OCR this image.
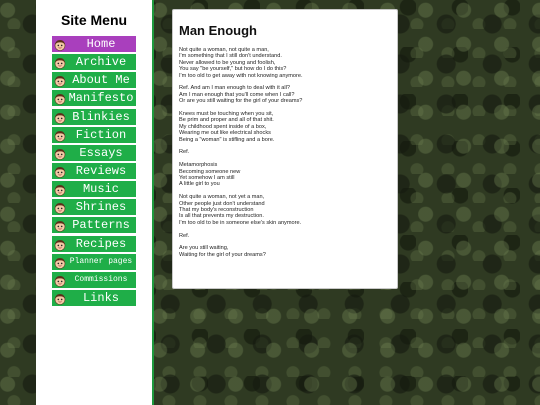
Site Menu
Home
Archive
About Me
Manifesto
Blinkies
Fiction
Essays
Reviews
Music
Shrines
Patterns
Recipes
Planner pages
Commissions
Links
Man Enough
Not quite a woman, not quite a man,
I'm something that I still don't understand.
Never allowed to be young and foolish,
You say "be yourself," but how do I do this?
I'm too old to get away with not knowing anymore.
Ref. And am I man enough to deal with it all?
Am I man enough that you'll come when I call?
Or are you still waiting for the girl of your dreams?
Knees must be touching when you sit,
Be prim and proper and all of that shit.
My childhood spent inside of a box,
Wearing me out like electrical shocks
Being a "woman" is stifling and a bore.
Ref.
Metamorphosis
Becoming someone new
Yet somehow I am still
A little girl to you
Not quite a woman, not yet a man,
Other people just don't understand
That my body's reconstruction
Is all that prevents my destruction.
I'm too old to be in someone else's skin anymore.
Ref.
Are you still waiting,
Waiting for the girl of your dreams?
